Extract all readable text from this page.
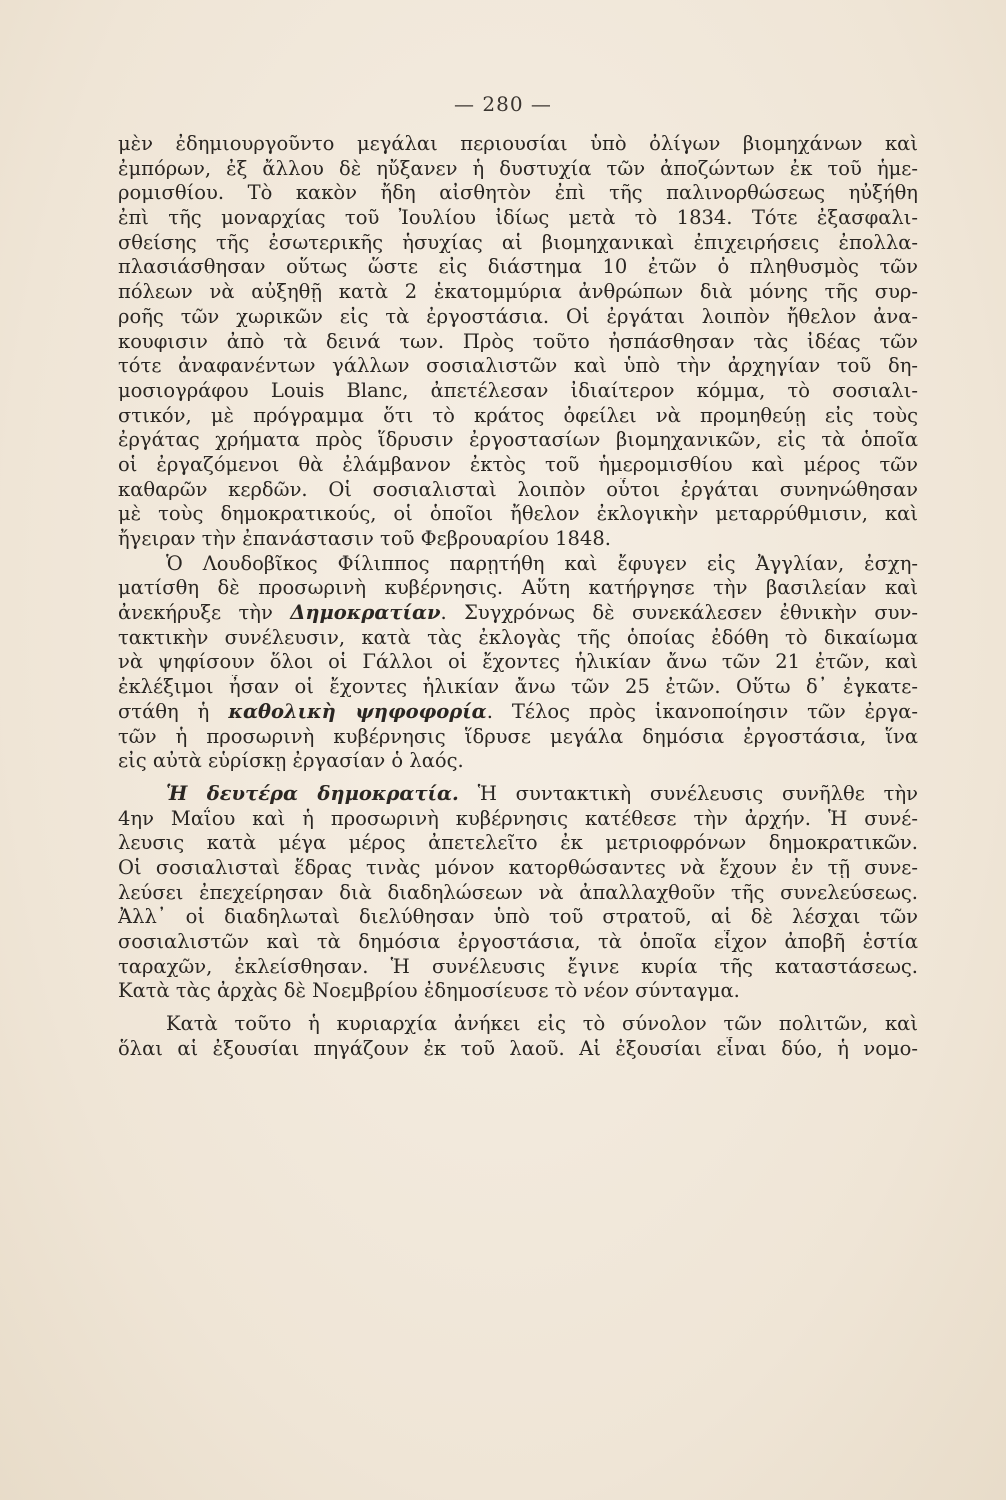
— 280 —
μὲν ἐδημιουργοῦντο μεγάλαι περιουσίαι ὑπὸ ὀλίγων βιομηχάνων καὶ
ἐμπόρων, ἐξ ἄλλου δὲ ηὔξανεν ἡ δυστυχία τῶν ἀποζώντων ἐκ τοῦ ἡμε-
ρομισθίου. Τὸ κακὸν ἤδη αἰσθητὸν ἐπὶ τῆς παλινορθώσεως ηὐξήθη
ἐπὶ τῆς μοναρχίας τοῦ Ἰουλίου ἰδίως μετὰ τὸ 1834. Τότε ἐξασφαλι-
σθείσης τῆς ἐσωτερικῆς ἡσυχίας αἱ βιομηχανικαὶ ἐπιχειρήσεις ἐπολλα-
πλασιάσθησαν οὕτως ὥστε εἰς διάστημα 10 ἐτῶν ὁ πληθυσμὸς τῶν
πόλεων νὰ αὐξηθῇ κατὰ 2 ἑκατομμύρια ἀνθρώπων διὰ μόνης τῆς συρ-
ροῆς τῶν χωρικῶν εἰς τὰ ἐργοστάσια. Οἱ ἐργάται λοιπὸν ἤθελον ἀνα-
κουφισιν ἀπὸ τὰ δεινά των. Πρὸς τοῦτο ἠσπάσθησαν τὰς ἰδέας τῶν
τότε ἀναφανέντων γάλλων σοσιαλιστῶν καὶ ὑπὸ τὴν ἀρχηγίαν τοῦ δη-
μοσιογράφου Louis Blanc, ἀπετέλεσαν ἰδιαίτερον κόμμα, τὸ σοσιαλι-
στικόν, μὲ πρόγραμμα ὅτι τὸ κράτος ὀφείλει νὰ προμηθεύῃ εἰς τοὺς
ἐργάτας χρήματα πρὸς ἵδρυσιν ἐργοστασίων βιομηχανικῶν, εἰς τὰ ὁποῖα
οἱ ἐργαζόμενοι θὰ ἐλάμβανον ἐκτὸς τοῦ ἡμερομισθίου καὶ μέρος τῶν
καθαρῶν κερδῶν. Οἱ σοσιαλισταὶ λοιπὸν οὗτοι ἐργάται συνηνώθησαν
μὲ τοὺς δημοκρατικούς, οἱ ὁποῖοι ἤθελον ἐκλογικὴν μεταρρύθμισιν, καὶ
ἤγειραν τὴν ἐπανάστασιν τοῦ Φεβρουαρίου 1848.
Ὁ Λουδοβῖκος Φίλιππος παρῃτήθη καὶ ἔφυγεν εἰς Ἀγγλίαν, ἐσχη-
ματίσθη δὲ προσωρινὴ κυβέρνησις. Αὕτη κατήργησε τὴν βασιλείαν καὶ
ἀνεκήρυξε τὴν Δημοκρατίαν. Συγχρόνως δὲ συνεκάλεσεν ἐθνικὴν συν-
τακτικὴν συνέλευσιν, κατὰ τὰς ἐκλογὰς τῆς ὁποίας ἐδόθη τὸ δικαίωμα
νὰ ψηφίσουν ὅλοι οἱ Γάλλοι οἱ ἔχοντες ἡλικίαν ἄνω τῶν 21 ἐτῶν, καὶ
ἐκλέξιμοι ἦσαν οἱ ἔχοντες ἡλικίαν ἄνω τῶν 25 ἐτῶν. Οὕτω δ᾿ ἐγκατε-
στάθη ἡ καθολικὴ ψηφοφορία. Τέλος πρὸς ἱκανοποίησιν τῶν ἐργα-
τῶν ἡ προσωρινὴ κυβέρνησις ἵδρυσε μεγάλα δημόσια ἐργοστάσια, ἵνα
εἰς αὐτὰ εὑρίσκῃ ἐργασίαν ὁ λαός.
Ἡ δευτέρα δημοκρατία. Ἡ συντακτικὴ συνέλευσις συνῆλθε τὴν
4ην Μαΐου καὶ ἡ προσωρινὴ κυβέρνησις κατέθεσε τὴν ἀρχήν. Ἡ συνέ-
λευσις κατὰ μέγα μέρος ἀπετελεῖτο ἐκ μετριοφρόνων δημοκρατικῶν.
Οἱ σοσιαλισταὶ ἕδρας τινὰς μόνον κατορθώσαντες νὰ ἔχουν ἐν τῇ συνε-
λεύσει ἐπεχείρησαν διὰ διαδηλώσεων νὰ ἀπαλλαχθοῦν τῆς συνελεύσεως.
Ἀλλ᾿ οἱ διαδηλωταὶ διελύθησαν ὑπὸ τοῦ στρατοῦ, αἱ δὲ λέσχαι τῶν
σοσιαλιστῶν καὶ τὰ δημόσια ἐργοστάσια, τὰ ὁποῖα εἶχον ἀποβῆ ἑστία
ταραχῶν, ἐκλείσθησαν. Ἡ συνέλευσις ἔγινε κυρία τῆς καταστάσεως.
Κατὰ τὰς ἀρχὰς δὲ Νοεμβρίου ἐδημοσίευσε τὸ νέον σύνταγμα.
Κατὰ τοῦτο ἡ κυριαρχία ἀνήκει εἰς τὸ σύνολον τῶν πολιτῶν, καὶ
ὅλαι αἱ ἐξουσίαι πηγάζουν ἐκ τοῦ λαοῦ. Αἱ ἐξουσίαι εἶναι δύο, ἡ νομο-
